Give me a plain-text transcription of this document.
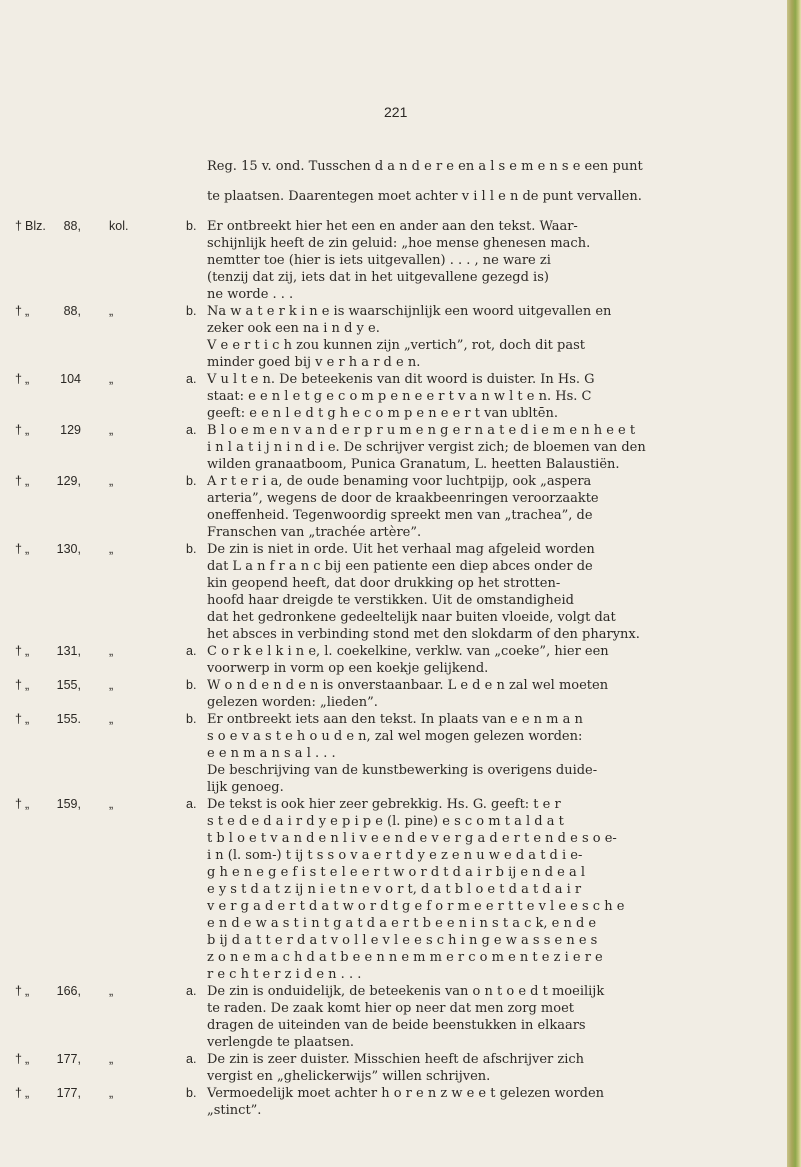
221

Reg. 15 v. ond. Tusschen d a n d e r e en a l s e m e n s e een punt

te plaatsen. Daarentegen moet achter v i l l e n de punt vervallen.

† Blz.	88, kol.	b. Er ontbreekt hier het een en ander aan den tekst. Waar-

schijnlijk heeft de zin geluid: „hoe mense ghenesen mach.

nemtter toe (hier is iets uitgevallen) . . . , ne ware zi

(tenzij dat zij, iets dat in het uitgevallene gezegd is)

ne worde . . .

† „	88, „	b. Na w a t e r k i n e is waarschijnlijk een woord uitgevallen en

zeker ook een na i n d y e.

V e e r t i c h zou kunnen zijn „vertich”, rot, doch dit past

minder goed bij v e r h a r d e n.

† „	104 „	a. V u l t e n. De beteekenis van dit woord is duister. In Hs. G

staat: e e n l e t g e c o m p e n e e r t v a n w l t e n. Hs. C

geeft: e e n l e d t g h e c o m p e n e e r t van ubltēn.

† „	129 „	a. B l o e m e n v a n d e r p r u m e n g e r n a t e d i e m e n h e e t

i n l a t i j n i n d i e. De schrijver vergist zich; de bloemen van den

wilden granaatboom, Punica Granatum, L. heetten Balaustiën.

† „ 129, „	b. A r t e r i a, de oude benaming voor luchtpijp, ook „aspera

arteria”, wegens de door de kraakbeenringen veroorzaakte

oneffenheid. Tegenwoordig spreekt men van „trachea”, de

Franschen van „trachée artère”.

† „ 130, „	b. De zin is niet in orde. Uit het verhaal mag afgeleid worden

dat L a n f r a n c bij een patiente een diep abces onder de

kin geopend heeft, dat door drukking op het strotten-

hoofd haar dreigde te verstikken. Uit de omstandigheid

dat het gedronkene gedeeltelijk naar buiten vloeide, volgt dat

het absces in verbinding stond met den slokdarm of den pharynx.

† „ 131, „	a. C o r k e l k i n e, l. coekelkine, verklw. van „coeke”, hier een

voorwerp in vorm op een koekje gelijkend.

† „ 155, „	b. W o n d e n d e n is onverstaanbaar. L e d e n zal wel moeten

gelezen worden: „lieden”.

† „ 155. „	b. Er ontbreekt iets aan den tekst. In plaats van e e n m a n

s o e v a s t e h o u d e n, zal wel mogen gelezen worden:

e e n m a n s a l . . .

De beschrijving van de kunstbewerking is overigens duide-

lijk genoeg.

† „ 159, „	a. De tekst is ook hier zeer gebrekkig. Hs. G. geeft: t e r

s t e d e d a i r d y e p i p e (l. pine) e s c o m t a l d a t

t b l o e t v a n d e n l i v e e n d e v e r g a d e r t e n d e s o e-

i n (l. som-) t ij t s s o v a e r t d y e z e n u w e d a t d i e-

g h e n e g e f i s t e l e e r t w o r d t d a i r b ij e n d e a l

e y s t d a t z ij n i e t n e v o r t, d a t b l o e t d a t d a i r

v e r g a d e r t d a t w o r d t g e f o r m e e r t t e v l e e s c h e

e n d e w a s t i n t g a t d a e r t b e e n i n s t a c k, e n d e

b ij d a t t e r d a t v o l l e v l e e s c h i n g e w a s s e n e s

z o n e m a c h d a t b e e n n e m m e r c o m e n t e z i e r e

r e c h t e r z i d e n . . .

† „ 166, „	a. De zin is onduidelijk, de beteekenis van o n t o e d t moeilijk

te raden. De zaak komt hier op neer dat men zorg moet

dragen de uiteinden van de beide beenstukken in elkaars

verlengde te plaatsen.

† „ 177, „	a. De zin is zeer duister. Misschien heeft de afschrijver zich

vergist en „ghelickerwijs” willen schrijven.

† „ 177, „	b. Vermoedelijk moet achter h o r e n z w e e t gelezen worden

„stinct”.
